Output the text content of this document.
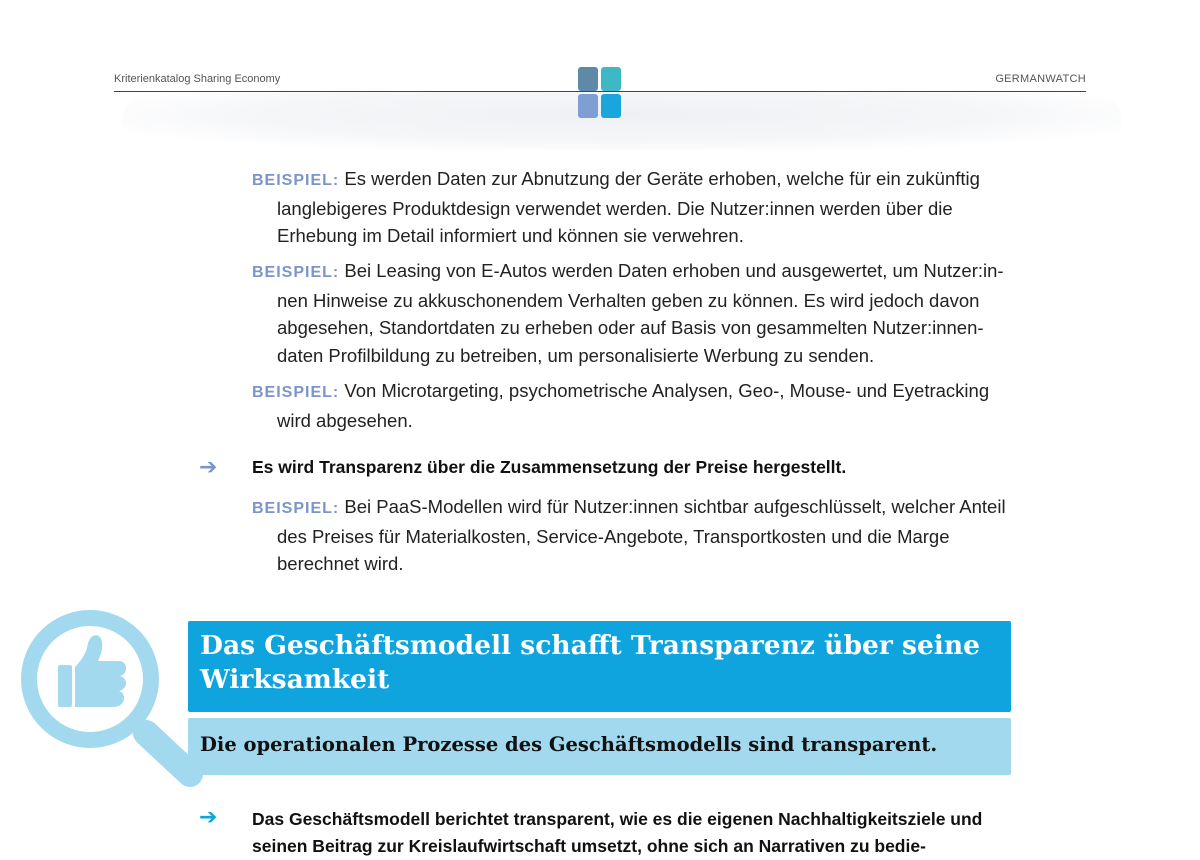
Kriterienkatalog Sharing Economy	GERMANWATCH
BEISPIEL: Es werden Daten zur Abnutzung der Geräte erhoben, welche für ein zukünftig langlebigeres Produktdesign verwendet werden. Die Nutzer:innen werden über die Erhebung im Detail informiert und können sie verwehren.
BEISPIEL: Bei Leasing von E-Autos werden Daten erhoben und ausgewertet, um Nutzer:in-nen Hinweise zu akkuschonendem Verhalten geben zu können. Es wird jedoch davon abgesehen, Standortdaten zu erheben oder auf Basis von gesammelten Nutzer:innen-daten Profilbildung zu betreiben, um personalisierte Werbung zu senden.
BEISPIEL: Von Microtargeting, psychometrische Analysen, Geo-, Mouse- und Eyetracking wird abgesehen.
➔ Es wird Transparenz über die Zusammensetzung der Preise hergestellt.
BEISPIEL: Bei PaaS-Modellen wird für Nutzer:innen sichtbar aufgeschlüsselt, welcher Anteil des Preises für Materialkosten, Service-Angebote, Transportkosten und die Marge berechnet wird.
Das Geschäftsmodell schafft Transparenz über seine Wirksamkeit
Die operationalen Prozesse des Geschäftsmodells sind transparent.
➔ Das Geschäftsmodell berichtet transparent, wie es die eigenen Nachhaltigkeitsziele und seinen Beitrag zur Kreislaufwirtschaft umsetzt, ohne sich an Narrativen zu bedie-
